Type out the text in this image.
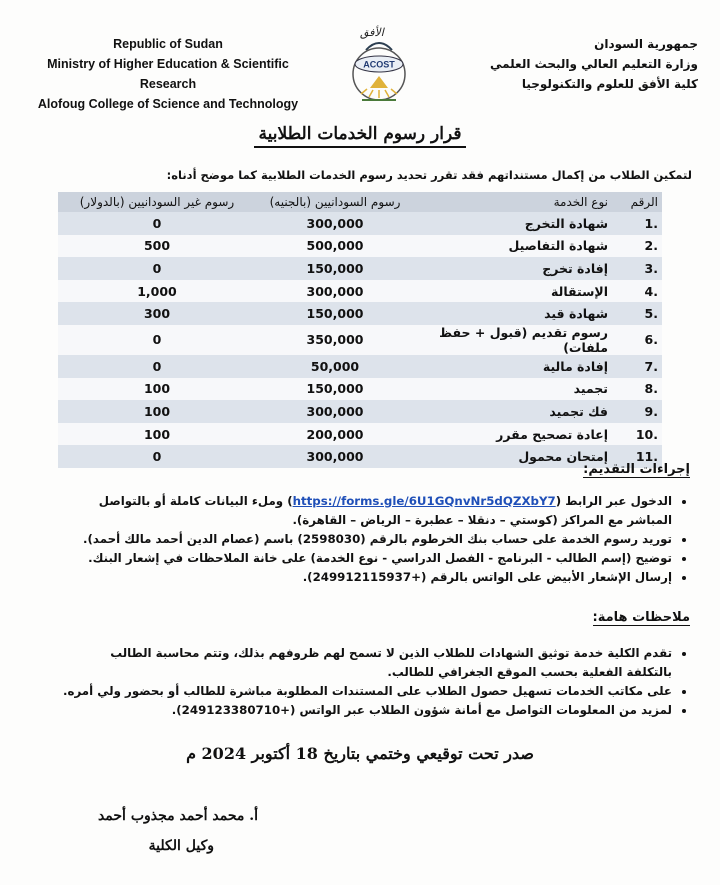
Republic of Sudan
Ministry of Higher Education & Scientific Research
Alofoug College of Science and Technology
ACOST
الأفق
جمهورية السودان
وزارة التعليم العالي والبحث العلمي
كلية الأفق للعلوم والتكنولوجيا
قرار رسوم الخدمات الطلابية
لتمكين الطلاب من إكمال مستنداتهم فقد تقرر تحديد رسوم الخدمات الطلابية كما موضح أدناه:
الرقم	نوع الخدمة	رسوم السودانيين (بالجنيه)	رسوم غير السودانيين (بالدولار)
.1	شهادة التخرج	300,000	0
.2	شهادة التفاصيل	500,000	500
.3	إفادة تخرج	150,000	0
.4	الإستقالة	300,000	1,000
.5	شهادة قيد	150,000	300
.6	رسوم تقديم (قبول + حفظ ملفات)	350,000	0
.7	إفادة مالية	50,000	0
.8	تجميد	150,000	100
.9	فك تجميد	300,000	100
.10	إعادة تصحيح مقرر	200,000	100
.11	إمتحان محمول	300,000	0
إجراءات التقديم:
• الدخول عبر الرابط (https://forms.gle/6U1GQnvNr5dQZXbY7) وملء البيانات كاملة أو بالتواصل المباشر مع المراكز (كوستي – دنقلا – عطبرة – الرياض – القاهرة).
• توريد رسوم الخدمة على حساب بنك الخرطوم بالرقم (2598030) باسم (عصام الدين أحمد مالك أحمد).
• توضيح (إسم الطالب - البرنامج - الفصل الدراسي - نوع الخدمة) على خانة الملاحظات في إشعار البنك.
• إرسال الإشعار الأبيض على الواتس بالرقم (+249912115937).
ملاحظات هامة:
• تقدم الكلية خدمة توثيق الشهادات للطلاب الذين لا تسمح لهم ظروفهم بذلك، وتتم محاسبة الطالب بالتكلفة الفعلية بحسب الموقع الجغرافي للطالب.
• على مكاتب الخدمات تسهيل حصول الطلاب على المستندات المطلوبة مباشرة للطالب أو بحضور ولي أمره.
• لمزيد من المعلومات التواصل مع أمانة شؤون الطلاب عبر الواتس (+249123380710).
صدر تحت توقيعي وختمي بتاريخ 18 أكتوبر 2024 م
أ. محمد أحمد مجذوب أحمد
وكيل الكلية
